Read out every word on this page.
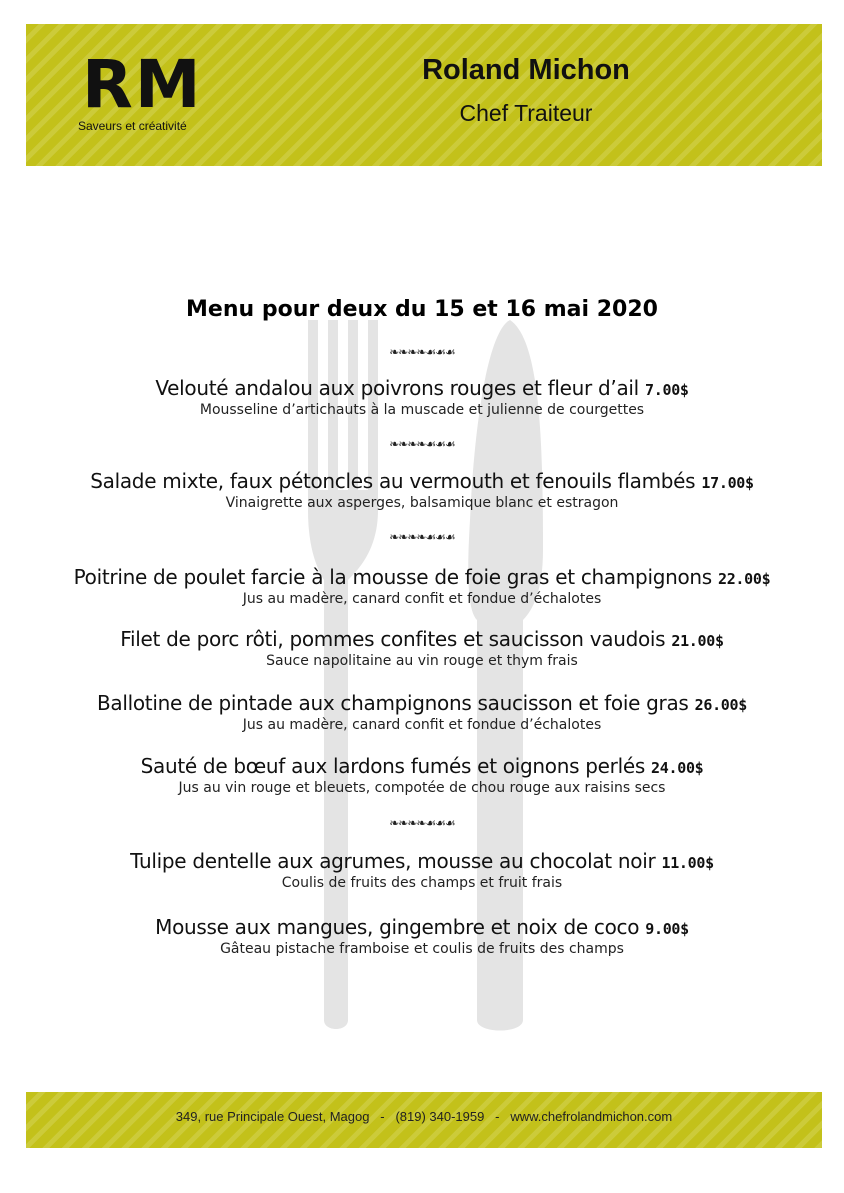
RM
Saveurs et créativité
Roland Michon
Chef Traiteur
Menu pour deux du 15 et 16 mai 2020
❧❧❧❧☙☙☙
❧❧❧❧☙☙☙
❧❧❧❧☙☙☙
❧❧❧❧☙☙☙
Velouté andalou aux poivrons rouges et fleur d’ail 7.00$
Mousseline d’artichauts à la muscade et julienne de courgettes
Salade mixte, faux pétoncles au vermouth et fenouils flambés 17.00$
Vinaigrette aux asperges, balsamique blanc et estragon
Poitrine de poulet farcie à la mousse de foie gras et champignons 22.00$
Jus au madère, canard confit et fondue d’échalotes
Filet de porc rôti, pommes confites et saucisson vaudois 21.00$
Sauce napolitaine au vin rouge et thym frais
Ballotine de pintade aux champignons saucisson et foie gras 26.00$
Jus au madère, canard confit et fondue d’échalotes
Sauté de bœuf aux lardons fumés et oignons perlés 24.00$
Jus au vin rouge et bleuets, compotée de chou rouge aux raisins secs
Tulipe dentelle aux agrumes, mousse au chocolat noir 11.00$
Coulis de fruits des champs et fruit frais
Mousse aux mangues, gingembre et noix de coco 9.00$
Gâteau pistache framboise et coulis de fruits des champs
349, rue Principale Ouest, Magog   -   (819) 340-1959   -   www.chefrolandmichon.com
